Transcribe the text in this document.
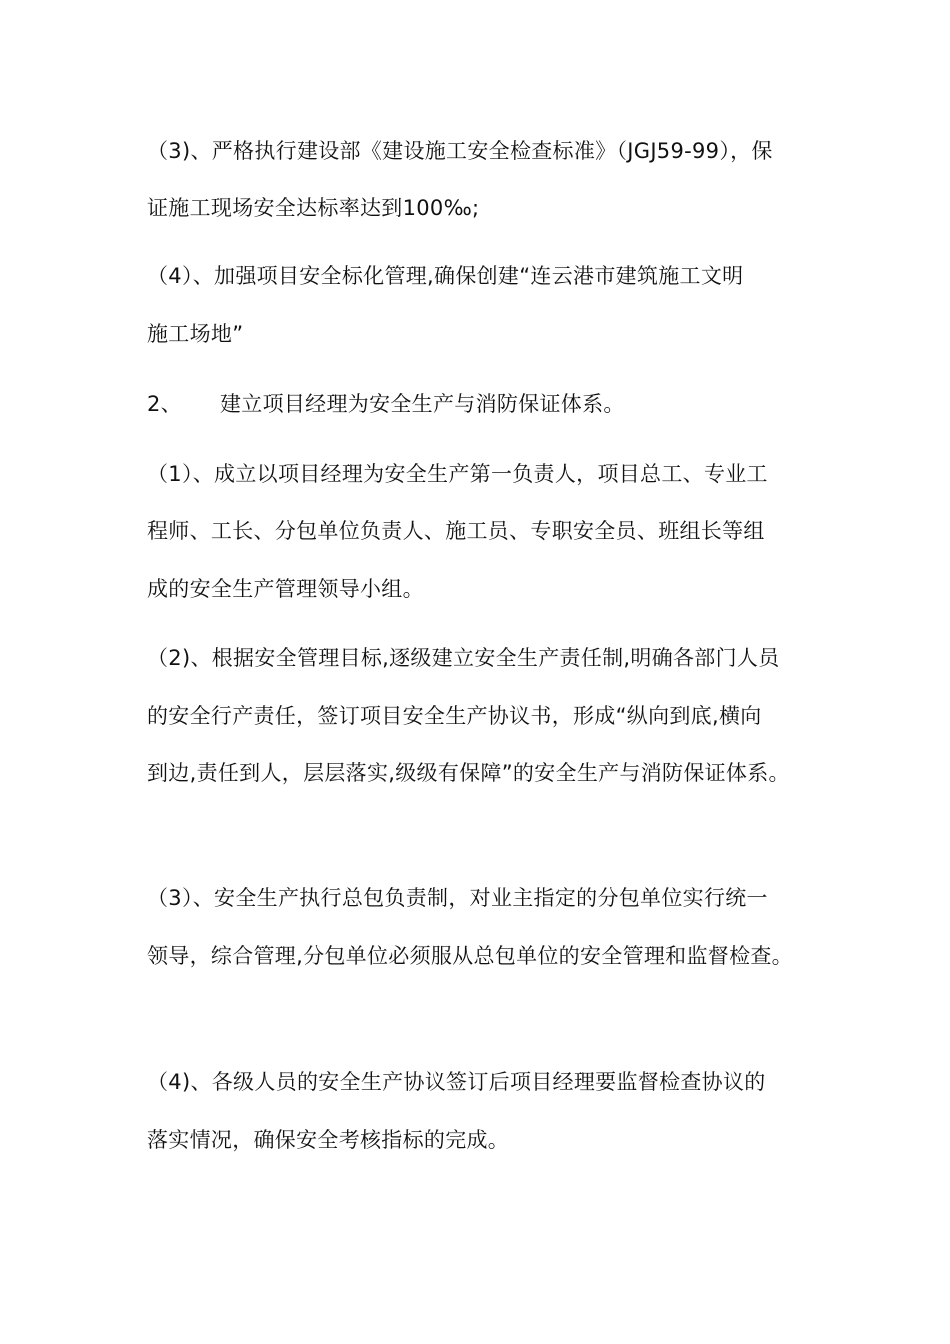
（3)、严格执行建设部《建设施工安全检查标准》（JGJ59-99），保
证施工现场安全达标率达到100‰;
（4）、加强项目安全标化管理,确保创建“连云港市建筑施工文明
施工场地”
2、 建立项目经理为安全生产与消防保证体系。
（1）、成立以项目经理为安全生产第一负责人，项目总工、专业工
程师、工长、分包单位负责人、施工员、专职安全员、班组长等组
成的安全生产管理领导小组。
（2)、根据安全管理目标,逐级建立安全生产责任制,明确各部门人员
的安全行产责任，签订项目安全生产协议书，形成“纵向到底,横向
到边,责任到人，层层落实,级级有保障”的安全生产与消防保证体系。
（3）、安全生产执行总包负责制，对业主指定的分包单位实行统一
领导，综合管理,分包单位必须服从总包单位的安全管理和监督检查。
（4)、各级人员的安全生产协议签订后项目经理要监督检查协议的
落实情况，确保安全考核指标的完成。
